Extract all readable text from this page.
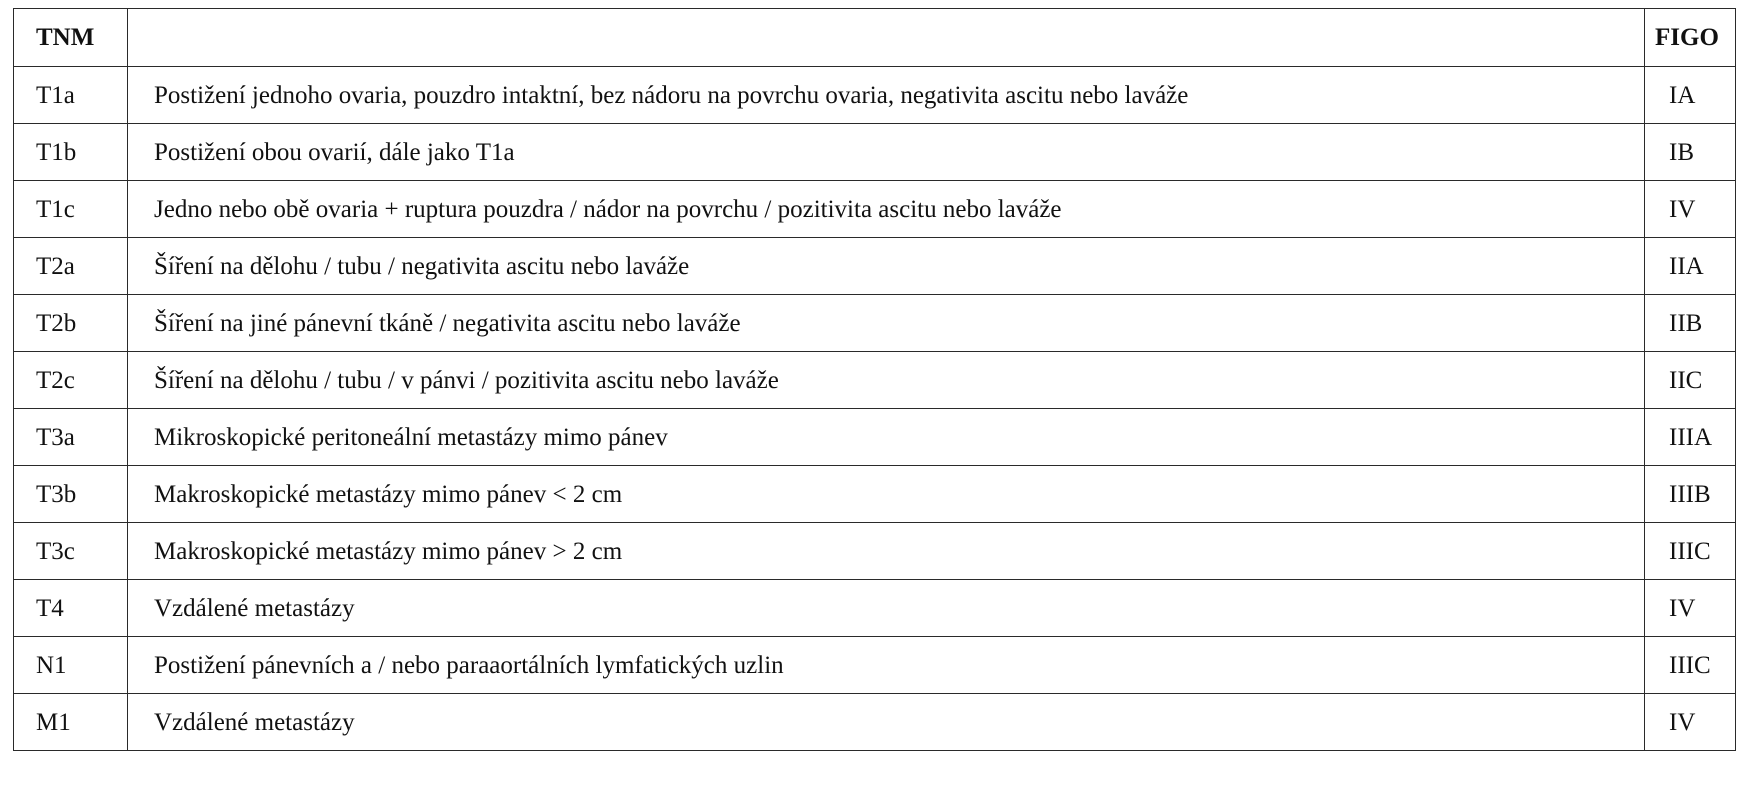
TNM		FIGO
T1a	Postižení jednoho ovaria, pouzdro intaktní, bez nádoru na povrchu ovaria, negativita ascitu nebo laváže	IA
T1b	Postižení obou ovarií, dále jako T1a	IB
T1c	Jedno nebo obě ovaria + ruptura pouzdra / nádor na povrchu / pozitivita ascitu nebo laváže	IV
T2a	Šíření na dělohu / tubu / negativita ascitu nebo laváže	IIA
T2b	Šíření na jiné pánevní tkáně / negativita ascitu nebo laváže	IIB
T2c	Šíření na dělohu / tubu / v pánvi / pozitivita ascitu nebo laváže	IIC
T3a	Mikroskopické peritoneální metastázy mimo pánev	IIIA
T3b	Makroskopické metastázy mimo pánev < 2 cm	IIIB
T3c	Makroskopické metastázy mimo pánev > 2 cm	IIIC
T4	Vzdálené metastázy	IV
N1	Postižení pánevních a / nebo paraaortálních lymfatických uzlin	IIIC
M1	Vzdálené metastázy	IV
